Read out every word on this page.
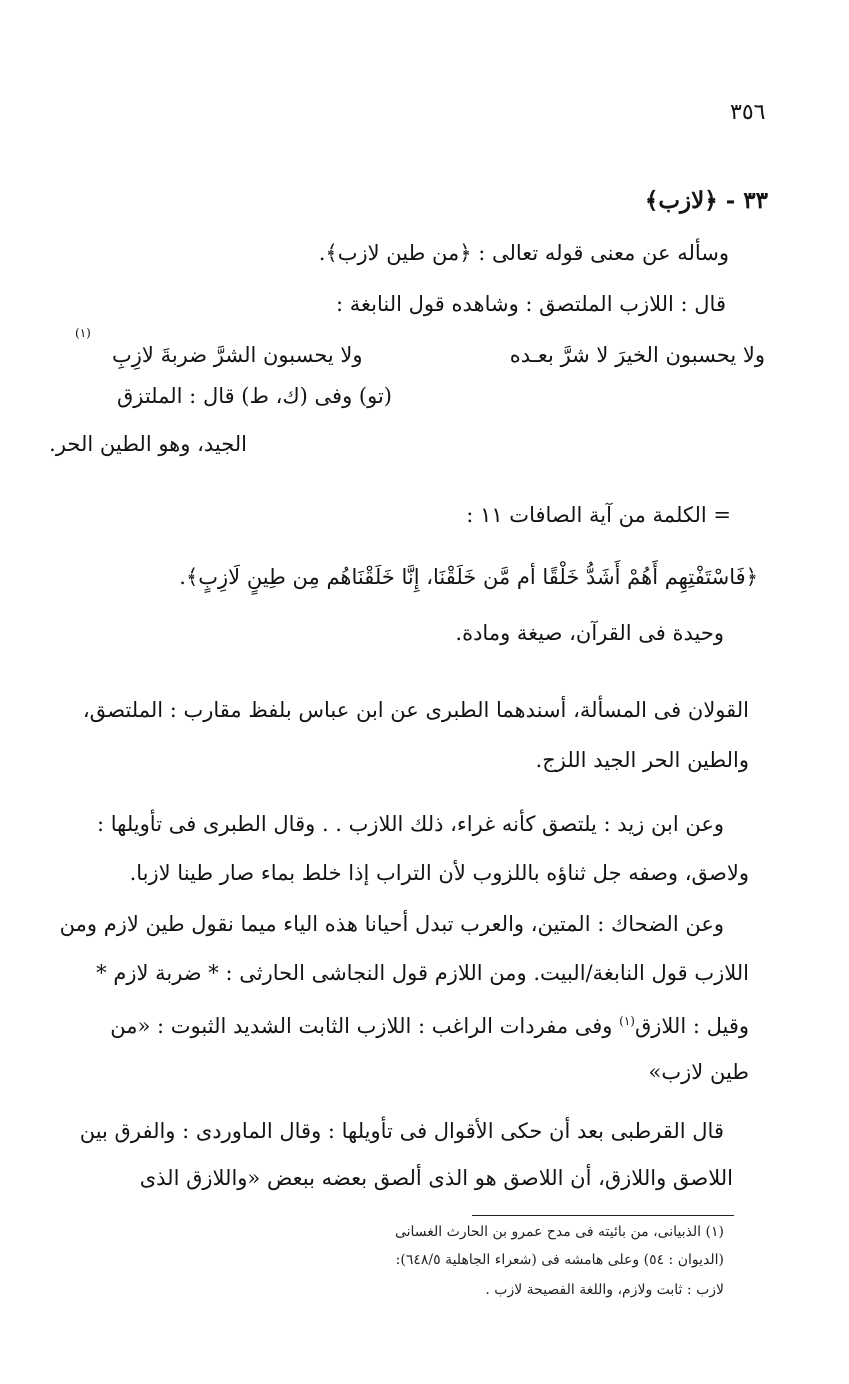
٣٥٦
٣٣ - ﴿لازب﴾
وسأله عن معنى قوله تعالى : ﴿من طين لازب﴾.
قال : اللازب الملتصق : وشاهده قول النابغة :
ولا يحسبون الخيرَ لا شرَّ بعـده
ولا يحسبون الشرَّ ضربةَ لازِبِ
(١)
(تو) وفى (ك، ط) قال : الملتزق
الجيد، وهو الطين الحر.
= الكلمة من آية الصافات ١١ :
﴿فَاسْتَفْتِهِم أَهُمْ أَشَدُّ خَلْقًا أم مَّن خَلَقْنَا، إِنَّا خَلَقْنَاهُم مِن طِينٍ لَازِبٍ﴾.
وحيدة فى القرآن، صيغة ومادة.
القولان فى المسألة، أسندهما الطبرى عن ابن عباس بلفظ مقارب : الملتصق،
والطين الحر الجيد اللزج.
وعن ابن زيد : يلتصق كأنه غراء، ذلك اللازب . . وقال الطبرى فى تأويلها :
ولاصق، وصفه جل ثناؤه باللزوب لأن التراب إذا خلط بماء صار طينا لازبا.
وعن الضحاك : المتين، والعرب تبدل أحيانا هذه الياء ميما نقول طين لازم ومن
اللازب قول النابغة/البيت. ومن اللازم قول النجاشى الحارثى : * ضربة لازم *
وقيل : اللازق$^{(١)}$ وفى مفردات الراغب : اللازب الثابت الشديد الثبوت : «من
طين لازب»
قال القرطبى بعد أن حكى الأقوال فى تأويلها : وقال الماوردى : والفرق بين
اللاصق واللازق، أن اللاصق هو الذى ألصق بعضه ببعض «واللازق الذى
(١) الذبيانى، من بائيته فى مدح عمرو بن الحارث الغسانى
(الديوان : ٥٤) وعلى هامشه فى (شعراء الجاهلية ٦٤٨/٥):
لازب : ثابت ولازم، واللغة الفصيحة لازب .
